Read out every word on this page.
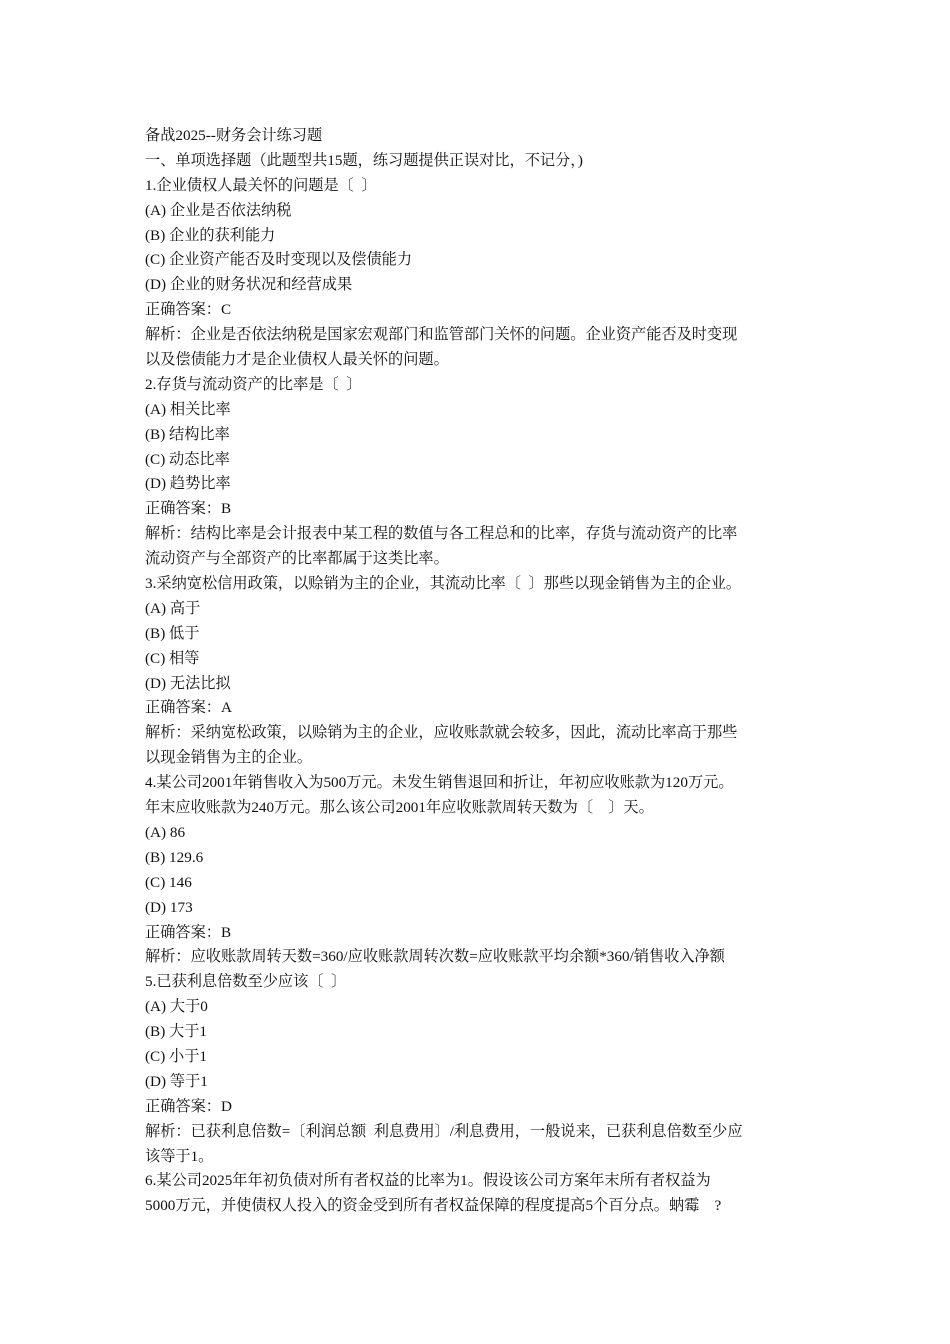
备战2025--财务会计练习题
一、单项选择题（此题型共15题，练习题提供正误对比，不记分，)
1.企业债权人最关怀的问题是〔  〕
(A) 企业是否依法纳税
(B) 企业的获利能力
(C) 企业资产能否及时变现以及偿债能力
(D) 企业的财务状况和经营成果
正确答案：C
解析：企业是否依法纳税是国家宏观部门和监管部门关怀的问题。企业资产能否及时变现
以及偿债能力才是企业债权人最关怀的问题。
2.存货与流动资产的比率是〔  〕
(A) 相关比率
(B) 结构比率
(C) 动态比率
(D) 趋势比率
正确答案：B
解析：结构比率是会计报表中某工程的数值与各工程总和的比率，存货与流动资产的比率
流动资产与全部资产的比率都属于这类比率。
3.采纳宽松信用政策，以赊销为主的企业，其流动比率〔  〕那些以现金销售为主的企业。
(A) 高于
(B) 低于
(C) 相等
(D) 无法比拟
正确答案：A
解析：采纳宽松政策，以赊销为主的企业，应收账款就会较多，因此，流动比率高于那些
以现金销售为主的企业。
4.某公司2001年销售收入为500万元。未发生销售退回和折让，年初应收账款为120万元。
年末应收账款为240万元。那么该公司2001年应收账款周转天数为〔    〕天。
(A) 86
(B) 129.6
(C) 146
(D) 173
正确答案：B
解析：应收账款周转天数=360/应收账款周转次数=应收账款平均余额*360/销售收入净额
5.已获利息倍数至少应该〔  〕
(A) 大于0
(B) 大于1
(C) 小于1
(D) 等于1
正确答案：D
解析：已获利息倍数=〔利润总额  利息费用〕/利息费用，一般说来，已获利息倍数至少应
该等于1。
6.某公司2025年年初负债对所有者权益的比率为1。假设该公司方案年末所有者权益为
5000万元，并使债权人投入的资金受到所有者权益保障的程度提高5个百分点。蚋霉    ?
